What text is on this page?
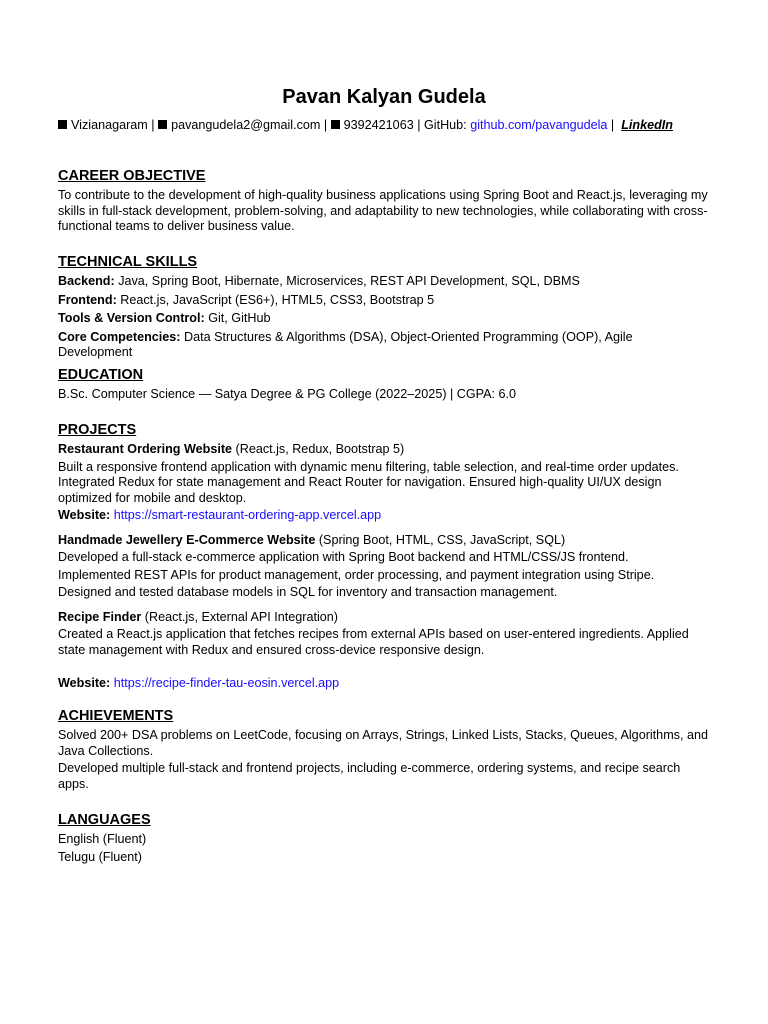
Pavan Kalyan Gudela
Vizianagaram | pavangudela2@gmail.com | 9392421063 | GitHub: github.com/pavangudela |  LinkedIn
CAREER OBJECTIVE

To contribute to the development of high-quality business applications using Spring Boot and React.js, leveraging my skills in full-stack development, problem-solving, and adaptability to new technologies, while collaborating with cross-functional teams to deliver business value.

TECHNICAL SKILLS

Backend: Java, Spring Boot, Hibernate, Microservices, REST API Development, SQL, DBMS

Frontend: React.js, JavaScript (ES6+), HTML5, CSS3, Bootstrap 5

Tools & Version Control: Git, GitHub

Core Competencies: Data Structures & Algorithms (DSA), Object-Oriented Programming (OOP), Agile Development

EDUCATION

B.Sc. Computer Science — Satya Degree & PG College (2022–2025) | CGPA: 6.0

PROJECTS

Restaurant Ordering Website (React.js, Redux, Bootstrap 5)

Built a responsive frontend application with dynamic menu filtering, table selection, and real-time order updates. Integrated Redux for state management and React Router for navigation. Ensured high-quality UI/UX design optimized for mobile and desktop.

Website: https://smart-restaurant-ordering-app.vercel.app

Handmade Jewellery E-Commerce Website (Spring Boot, HTML, CSS, JavaScript, SQL)

Developed a full-stack e-commerce application with Spring Boot backend and HTML/CSS/JS frontend.

Implemented REST APIs for product management, order processing, and payment integration using Stripe.

Designed and tested database models in SQL for inventory and transaction management.

Recipe Finder (React.js, External API Integration)

Created a React.js application that fetches recipes from external APIs based on user-entered ingredients. Applied state management with Redux and ensured cross-device responsive design.

Website: https://recipe-finder-tau-eosin.vercel.app

ACHIEVEMENTS

Solved 200+ DSA problems on LeetCode, focusing on Arrays, Strings, Linked Lists, Stacks, Queues, Algorithms, and Java Collections.

Developed multiple full-stack and frontend projects, including e-commerce, ordering systems, and recipe search apps.

LANGUAGES

English (Fluent)

Telugu (Fluent)
